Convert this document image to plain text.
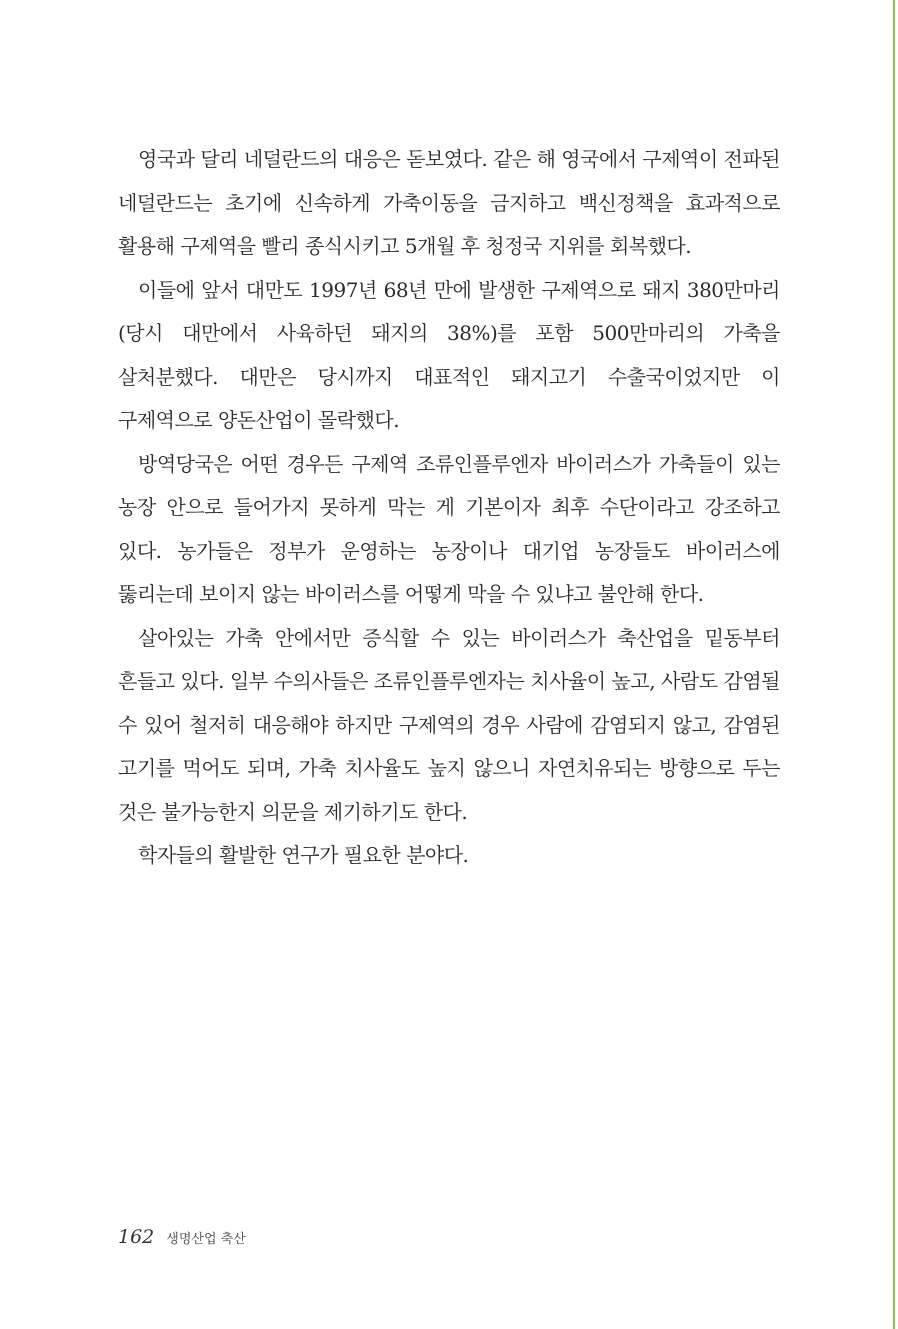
영국과 달리 네덜란드의 대응은 돋보였다. 같은 해 영국에서 구제역이 전파된 네덜란드는 초기에 신속하게 가축이동을 금지하고 백신정책을 효과적으로 활용해 구제역을 빨리 종식시키고 5개월 후 청정국 지위를 회복했다.

이들에 앞서 대만도 1997년 68년 만에 발생한 구제역으로 돼지 380만마리(당시 대만에서 사육하던 돼지의 38%)를 포함 500만마리의 가축을 살처분했다. 대만은 당시까지 대표적인 돼지고기 수출국이었지만 이 구제역으로 양돈산업이 몰락했다.

방역당국은 어떤 경우든 구제역 조류인플루엔자 바이러스가 가축들이 있는 농장 안으로 들어가지 못하게 막는 게 기본이자 최후 수단이라고 강조하고 있다. 농가들은 정부가 운영하는 농장이나 대기업 농장들도 바이러스에 뚫리는데 보이지 않는 바이러스를 어떻게 막을 수 있냐고 불안해 한다.

살아있는 가축 안에서만 증식할 수 있는 바이러스가 축산업을 밑동부터 흔들고 있다. 일부 수의사들은 조류인플루엔자는 치사율이 높고, 사람도 감염될 수 있어 철저히 대응해야 하지만 구제역의 경우 사람에 감염되지 않고, 감염된 고기를 먹어도 되며, 가축 치사율도 높지 않으니 자연치유되는 방향으로 두는 것은 불가능한지 의문을 제기하기도 한다.

학자들의 활발한 연구가 필요한 분야다.

162 생명산업 축산
